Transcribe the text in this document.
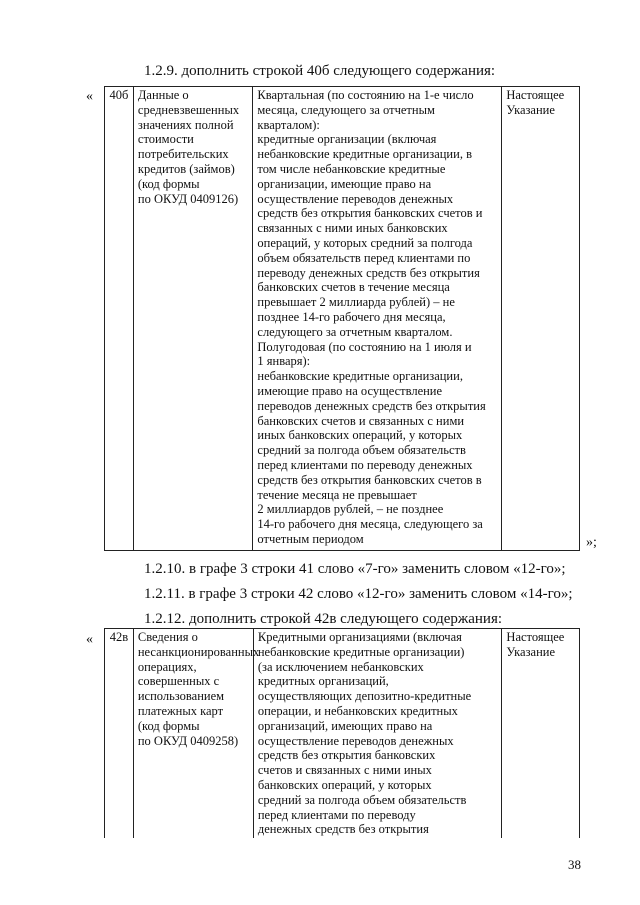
1.2.9. дополнить строкой 40б следующего содержания:
«	40б Данные о
средневзвешенных
значениях полной
стоимости
потребительских
кредитов (займов)
(код формы
по ОКУД 0409126)
Квартальная (по состоянию на 1-е число
месяца, следующего за отчетным
кварталом):
кредитные организации (включая
небанковские кредитные организации, в
том числе небанковские кредитные
организации, имеющие право на
осуществление переводов денежных
средств без открытия банковских счетов и
связанных с ними иных банковских
операций, у которых средний за полгода
объем обязательств перед клиентами по
переводу денежных средств без открытия
банковских счетов в течение месяца
превышает 2 миллиарда рублей) – не
позднее 14-го рабочего дня месяца,
следующего за отчетным кварталом.
Полугодовая (по состоянию на 1 июля и
1 января):
небанковские кредитные организации,
имеющие право на осуществление
переводов денежных средств без открытия
банковских счетов и связанных с ними
иных банковских операций, у которых
средний за полгода объем обязательств
перед клиентами по переводу денежных
средств без открытия банковских счетов в
течение месяца не превышает
2 миллиардов рублей, – не позднее
14-го рабочего дня месяца, следующего за
отчетным периодом
Настоящее
Указание
»;
1.2.10. в графе 3 строки 41 слово «7-го» заменить словом «12-го»;
1.2.11. в графе 3 строки 42 слово «12-го» заменить словом «14-го»;
1.2.12. дополнить строкой 42в следующего содержания:
«	42в Сведения о
несанкционированных
операциях,
совершенных с
использованием
платежных карт
(код формы
по ОКУД 0409258)
Кредитными организациями (включая
небанковские кредитные организации)
(за исключением небанковских
кредитных организаций,
осуществляющих депозитно-кредитные
операции, и небанковских кредитных
организаций, имеющих право на
осуществление переводов денежных
средств без открытия банковских
счетов и связанных с ними иных
банковских операций, у которых
средний за полгода объем обязательств
перед клиентами по переводу
денежных средств без открытия
Настоящее
Указание
38
